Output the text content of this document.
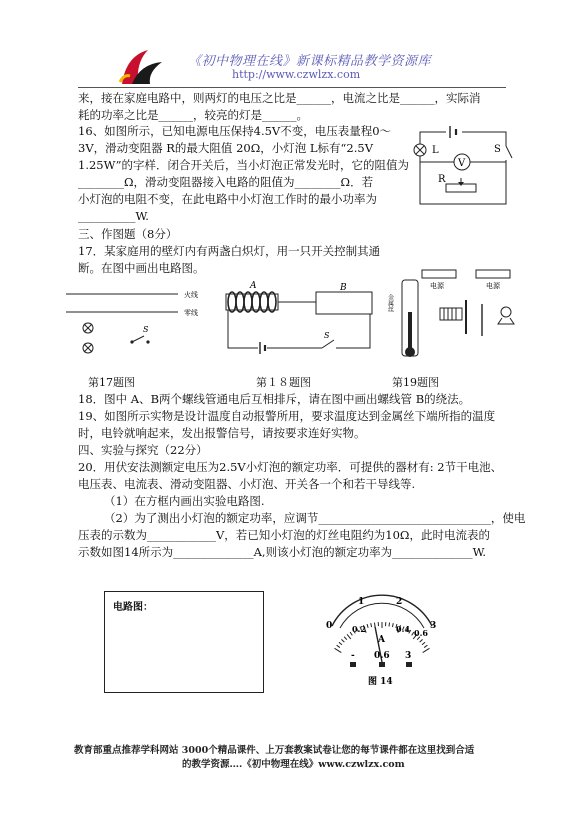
《初中物理在线》新课标精品教学资源库
http://www.czwlzx.com
来，接在家庭电路中，则两灯的电压之比是______，电流之比是______，实际消
耗的功率之比是______，较亮的灯是______。
16、如图所示，已知电源电压保持4.5V不变，电压表量程0～
3V，滑动变阻器 R的最大阻值 20Ω，小灯泡 L标有“2.5V
1.25W”的字样．闭合开关后，当小灯泡正常发光时，它的阻值为
________Ω，滑动变阻器接入电路的阻值为________Ω．若
小灯泡的电阻不变，在此电路中小灯泡工作时的最小功率为
__________W.
L
V
S
R
三、作图题（8分）
17．某家庭用的壁灯内有两盏白炽灯，用一只开关控制其通
断。在图中画出电路图。
火线
零线
S
A	B
S
电源	电源
金属丝
第17题图	第１８题图	第19题图
18．图中 A、B两个螺线管通电后互相排斥，请在图中画出螺线管 B的绕法。
19、如图所示实物是设计温度自动报警所用，要求温度达到金属丝下端所指的温度
时，电铃就响起来，发出报警信号，请按要求连好实物。
四、实验与探究（22分）
20．用伏安法测额定电压为2.5V小灯泡的额定功率．可提供的器材有: 2节干电池、
电压表、电流表、滑动变阻器、小灯泡、开关各一个和若干导线等.
（1）在方框内画出实验电路图.
（2）为了测出小灯泡的额定功率，应调节______________________________，使电
压表的示数为____________V，若已知小灯泡的灯丝电阻约为10Ω，此时电流表的
示数如图14所示为______________A,则该小灯泡的额定功率为______________W.
电路图：
0
1	2
3
0.2	0.4 0.6
A
- 0.6 3
图 14
教育部重点推荐学科网站 3000个精品课件、上万套教案试卷让您的每节课件都在这里找到合适
的教学资源….《初中物理在线》www.czwlzx.com
